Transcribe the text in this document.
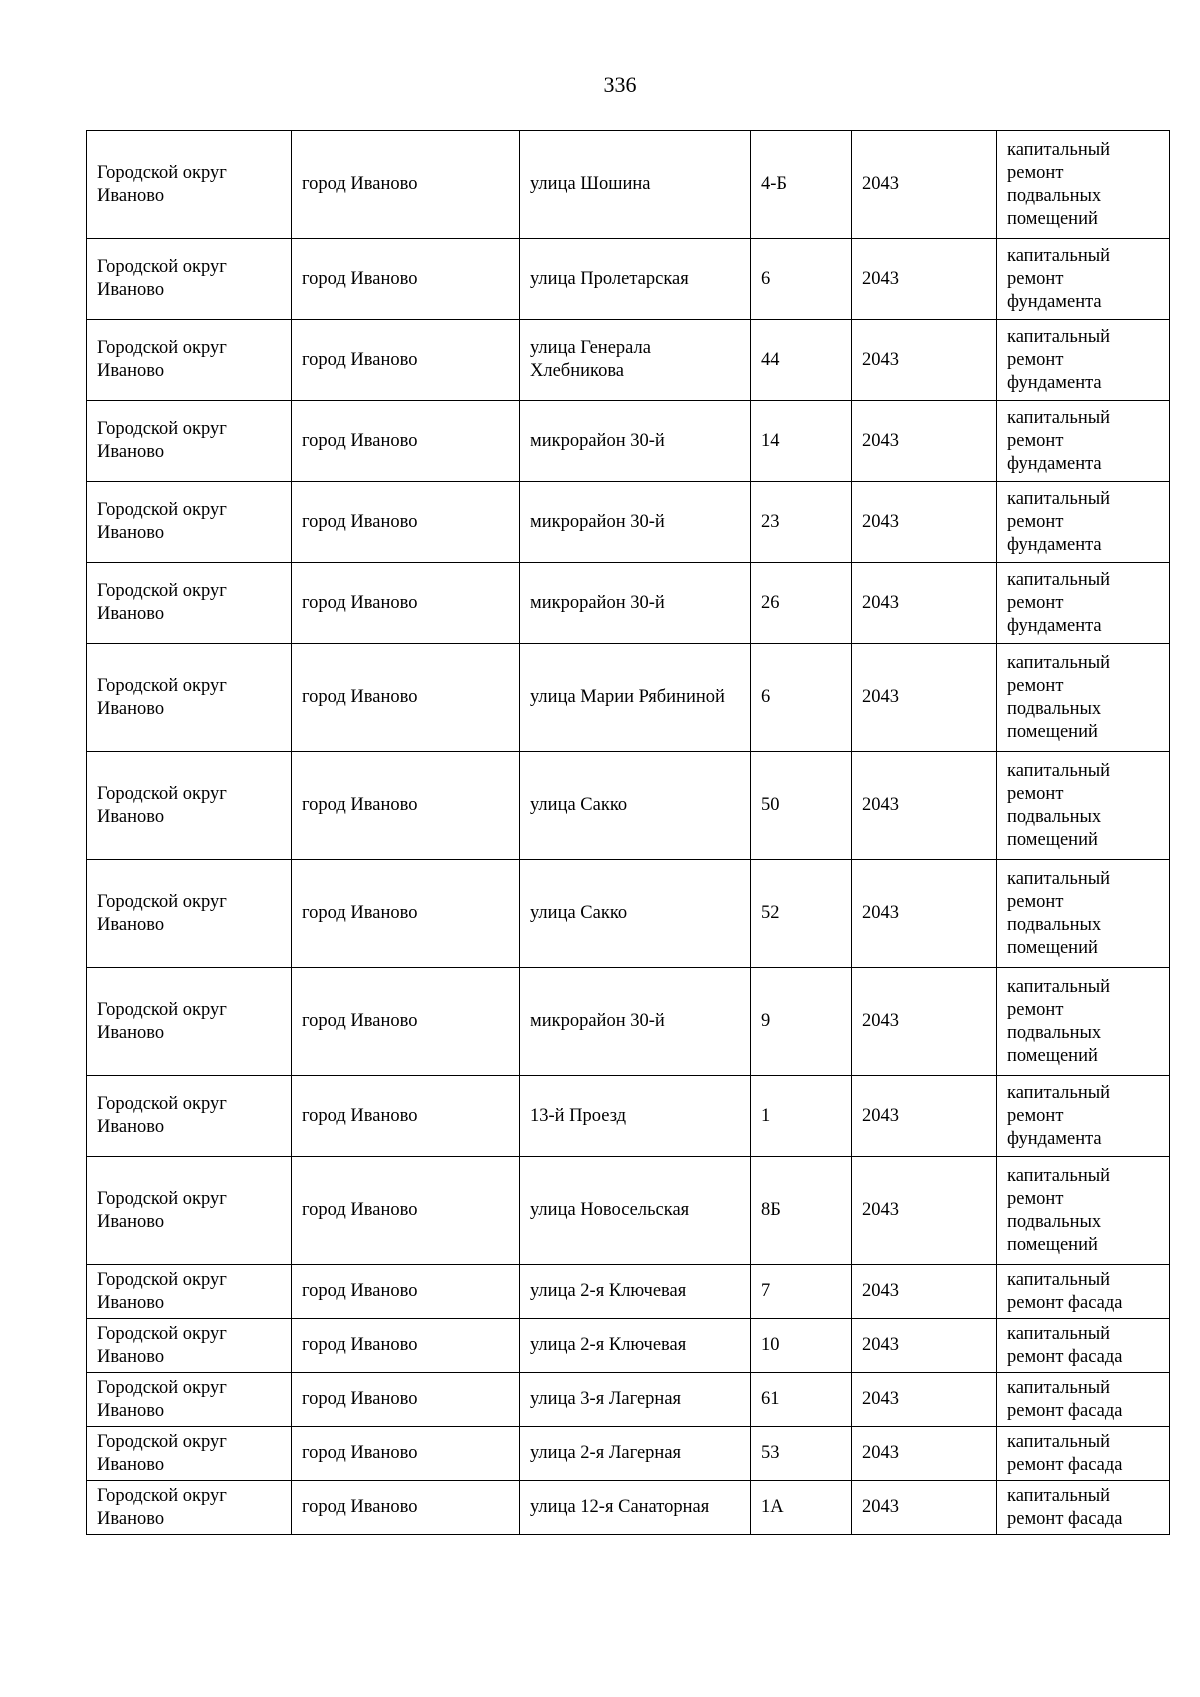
336
Городской округ Иваново	город Иваново	улица Шошина	4-Б	2043	капитальный ремонт подвальных помещений
Городской округ Иваново	город Иваново	улица Пролетарская	6	2043	капитальный ремонт фундамента
Городской округ Иваново	город Иваново	улица Генерала Хлебникова	44	2043	капитальный ремонт фундамента
Городской округ Иваново	город Иваново	микрорайон 30-й	14	2043	капитальный ремонт фундамента
Городской округ Иваново	город Иваново	микрорайон 30-й	23	2043	капитальный ремонт фундамента
Городской округ Иваново	город Иваново	микрорайон 30-й	26	2043	капитальный ремонт фундамента
Городской округ Иваново	город Иваново	улица Марии Рябининой	6	2043	капитальный ремонт подвальных помещений
Городской округ Иваново	город Иваново	улица Сакко	50	2043	капитальный ремонт подвальных помещений
Городской округ Иваново	город Иваново	улица Сакко	52	2043	капитальный ремонт подвальных помещений
Городской округ Иваново	город Иваново	микрорайон 30-й	9	2043	капитальный ремонт подвальных помещений
Городской округ Иваново	город Иваново	13-й Проезд	1	2043	капитальный ремонт фундамента
Городской округ Иваново	город Иваново	улица Новосельская	8Б	2043	капитальный ремонт подвальных помещений
Городской округ Иваново	город Иваново	улица 2-я Ключевая	7	2043	капитальный ремонт фасада
Городской округ Иваново	город Иваново	улица 2-я Ключевая	10	2043	капитальный ремонт фасада
Городской округ Иваново	город Иваново	улица 3-я Лагерная	61	2043	капитальный ремонт фасада
Городской округ Иваново	город Иваново	улица 2-я Лагерная	53	2043	капитальный ремонт фасада
Городской округ Иваново	город Иваново	улица 12-я Санаторная	1А	2043	капитальный ремонт фасада
